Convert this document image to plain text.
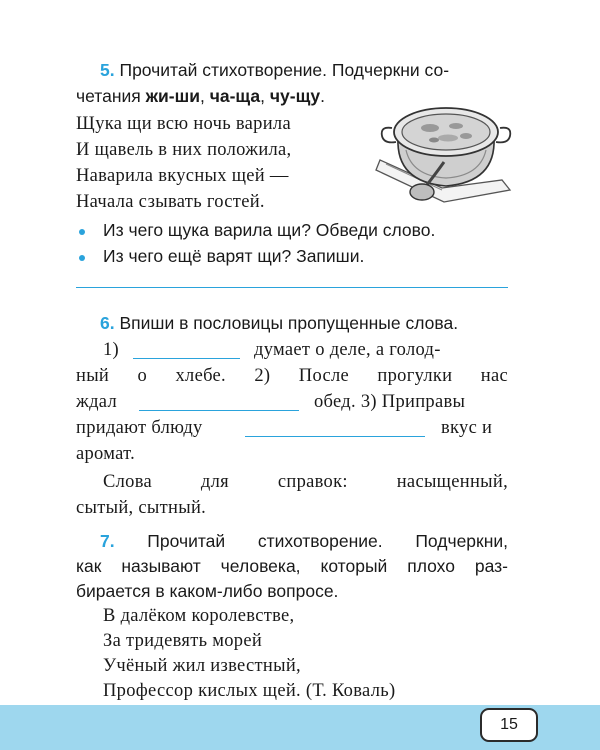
5. Прочитай стихотворение. Подчеркни со-
четания жи-ши, ча-ща, чу-щу.
Щука щи всю ночь варила
И щавель в них положила,
Наварила вкусных щей —
Начала сзывать гостей.
Из чего щука варила щи? Обведи слово.
Из чего ещё варят щи? Запиши.
6. Впиши в пословицы пропущенные слова.
1)	думает о деле, а голод-
ный о хлебе. 2) После прогулки нас
ждал	обед. 3) Приправы
придают блюду	вкус и
аромат.
Слова для справок: насыщенный,
сытый, сытный.
7. Прочитай стихотворение. Подчеркни,
как называют человека, который плохо раз-
бирается в каком-либо вопросе.
В далёком королевстве,
За тридевять морей
Учёный жил известный,
Профессор кислых щей. (Т. Коваль)
15
